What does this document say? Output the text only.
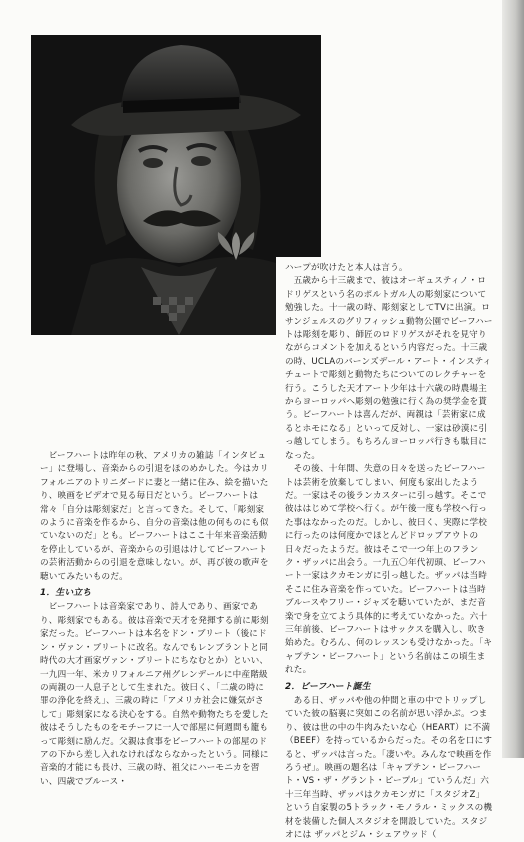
ビーフハートは昨年の秋、アメリカの雑誌「インタビュー」に登場し、音楽からの引退をほのめかした。今はカリフォルニアのトリニダードに妻と一緒に住み、絵を描いたり、映画をビデオで見る毎日だという。ビーフハートは常々「自分は彫刻家だ」と言ってきた。そして、「彫刻家のように音楽を作るから、自分の音楽は他の何ものにも似ていないのだ」とも。ビーフハートはここ十年来音楽活動を停止しているが、音楽からの引退はけしてビーフハートの芸術活動からの引退を意味しない。が、再び彼の歌声を聴いてみたいものだ。

1．生い立ち

ビーフハートは音楽家であり、詩人であり、画家であり、彫刻家でもある。彼は音楽で天才を発揮する前に彫刻家だった。ビーフハートは本名をドン・ブリート（後にドン・ヴァン・ブリートに改名。なんでもレンブラントと同時代の大才画家ヴァン・ブリートにちなむとか）といい、一九四一年、米カリフォルニア州グレンデールに中産階級の両親の一人息子として生まれた。彼曰く、「二歳の時に罪の浄化を終え」、三歳の時に「アメリカ社会に嫌気がさして」彫刻家になる決心をする。自然や動物たちを愛した彼はそうしたものをモチーフに一人で部屋に何週間も籠もって彫刻に励んだ。父親は食事をビーフハートの部屋のドアの下から差し入れなければならなかったという。同様に音楽的才能にも長け、三歳の時、祖父にハーモニカを習い、四歳でブルース・

ハープが吹けたと本人は言う。

五歳から十三歳まで、彼はオーギュスティノ・ロドリゲスという名のポルトガル人の彫刻家について勉強した。十一歳の時、彫刻家としてTVに出演。ロサンジェルスのグリフィッシュ動物公園でビーフハートは彫刻を彫り、師匠のロドリゲスがそれを見守りながらコメントを加えるという内容だった。十三歳の時、UCLAのバーンズデール・アート・インスティチュートで彫刻と動物たちについてのレクチャーを行う。こうした天才アート少年は十六歳の時農場主からヨーロッパへ彫刻の勉強に行く為の奨学金を貰う。ビーフハートは喜んだが、両親は「芸術家に成るとホモになる」といって反対し、一家は砂漠に引っ越してしまう。もちろんヨーロッパ行きも駄目になった。

その後、十年間、失意の日々を送ったビーフハートは芸術を放棄してしまい、何度も家出したようだ。一家はその後ランカスターに引っ越す。そこで彼ははじめて学校へ行く。が午後一度も学校へ行った事はなかったのだ。しかし、彼曰く、実際に学校に行ったのは何度かでほとんどドロップアウトの日々だったようだ。彼はそこで一つ年上のフランク・ザッパに出会う。一九五〇年代初頭、ビーフハート一家はクカモンガに引っ越した。ザッパは当時そこに住み音楽を作っていた。ビーフハートは当時ブルースやフリー・ジャズを聴いていたが、まだ音楽で身を立てよう具体的に考えていなかった。六十三年前後、ビーフハートはサックスを購入し、吹き始めた。むろん、何のレッスンも受けなかった。「キャプテン・ビーフハート」という名前はこの頃生まれた。

2．ビーフハート誕生

ある日、ザッパや他の仲間と車の中でトリップしていた彼の脳裏に突如この名前が思い浮かぶ。つまり、彼は世の中の牛肉みたいな心（HEART）に不満（BEEF）を持っているからだった。その名を口にすると、ザッパは言った。「凄いや。みんなで映画を作ろうぜ」。映画の題名は「キャプテン・ビーフハート・VS・ザ・グラント・ピープル」ていうんだ」六十三年当時、ザッパはクカモンガに「スタジオZ」という自家製の5トラック・モノラル・ミックスの機材を装備した個人スタジオを開設していた。スタジオには ザッパとジム・シェアウッド（
